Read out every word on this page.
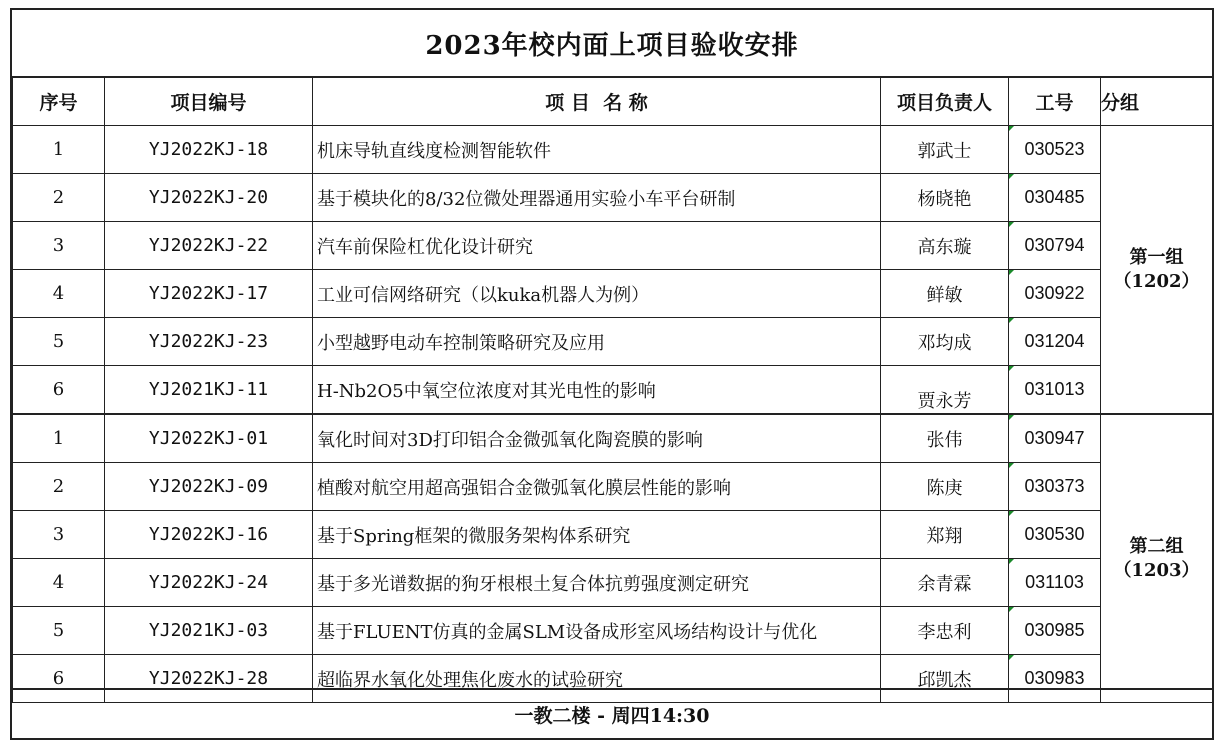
2023年校内面上项目验收安排
序号	项目编号	项 目  名 称	项目负责人	工号	分组
1	YJ2022KJ-18	机床导轨直线度检测智能软件	郭武士	030523	第一组
（1202）

2	YJ2022KJ-20	基于模块化的8/32位微处理器通用实验小车平台研制	杨晓艳	030485	
3	YJ2022KJ-22	汽车前保险杠优化设计研究	高东璇	030794	
4	YJ2022KJ-17	工业可信网络研究（以kuka机器人为例）	鲜敏	030922	
5	YJ2022KJ-23	小型越野电动车控制策略研究及应用	邓均成	031204	
6	YJ2021KJ-11	H-Nb2O5中氧空位浓度对其光电性的影响	贾永芳	031013	
1	YJ2022KJ-01	氧化时间对3D打印铝合金微弧氧化陶瓷膜的影响	张伟	030947	第二组
（1203）

2	YJ2022KJ-09	植酸对航空用超高强铝合金微弧氧化膜层性能的影响	陈庚	030373	
3	YJ2022KJ-16	基于Spring框架的微服务架构体系研究	郑翔	030530	
4	YJ2022KJ-24	基于多光谱数据的狗牙根根土复合体抗剪强度测定研究	余青霖	031103	
5	YJ2021KJ-03	基于FLUENT仿真的金属SLM设备成形室风场结构设计与优化	李忠利	030985	
6	YJ2022KJ-28	超临界水氧化处理焦化废水的试验研究	邱凯杰	030983	
一教二楼 - 周四14:30
